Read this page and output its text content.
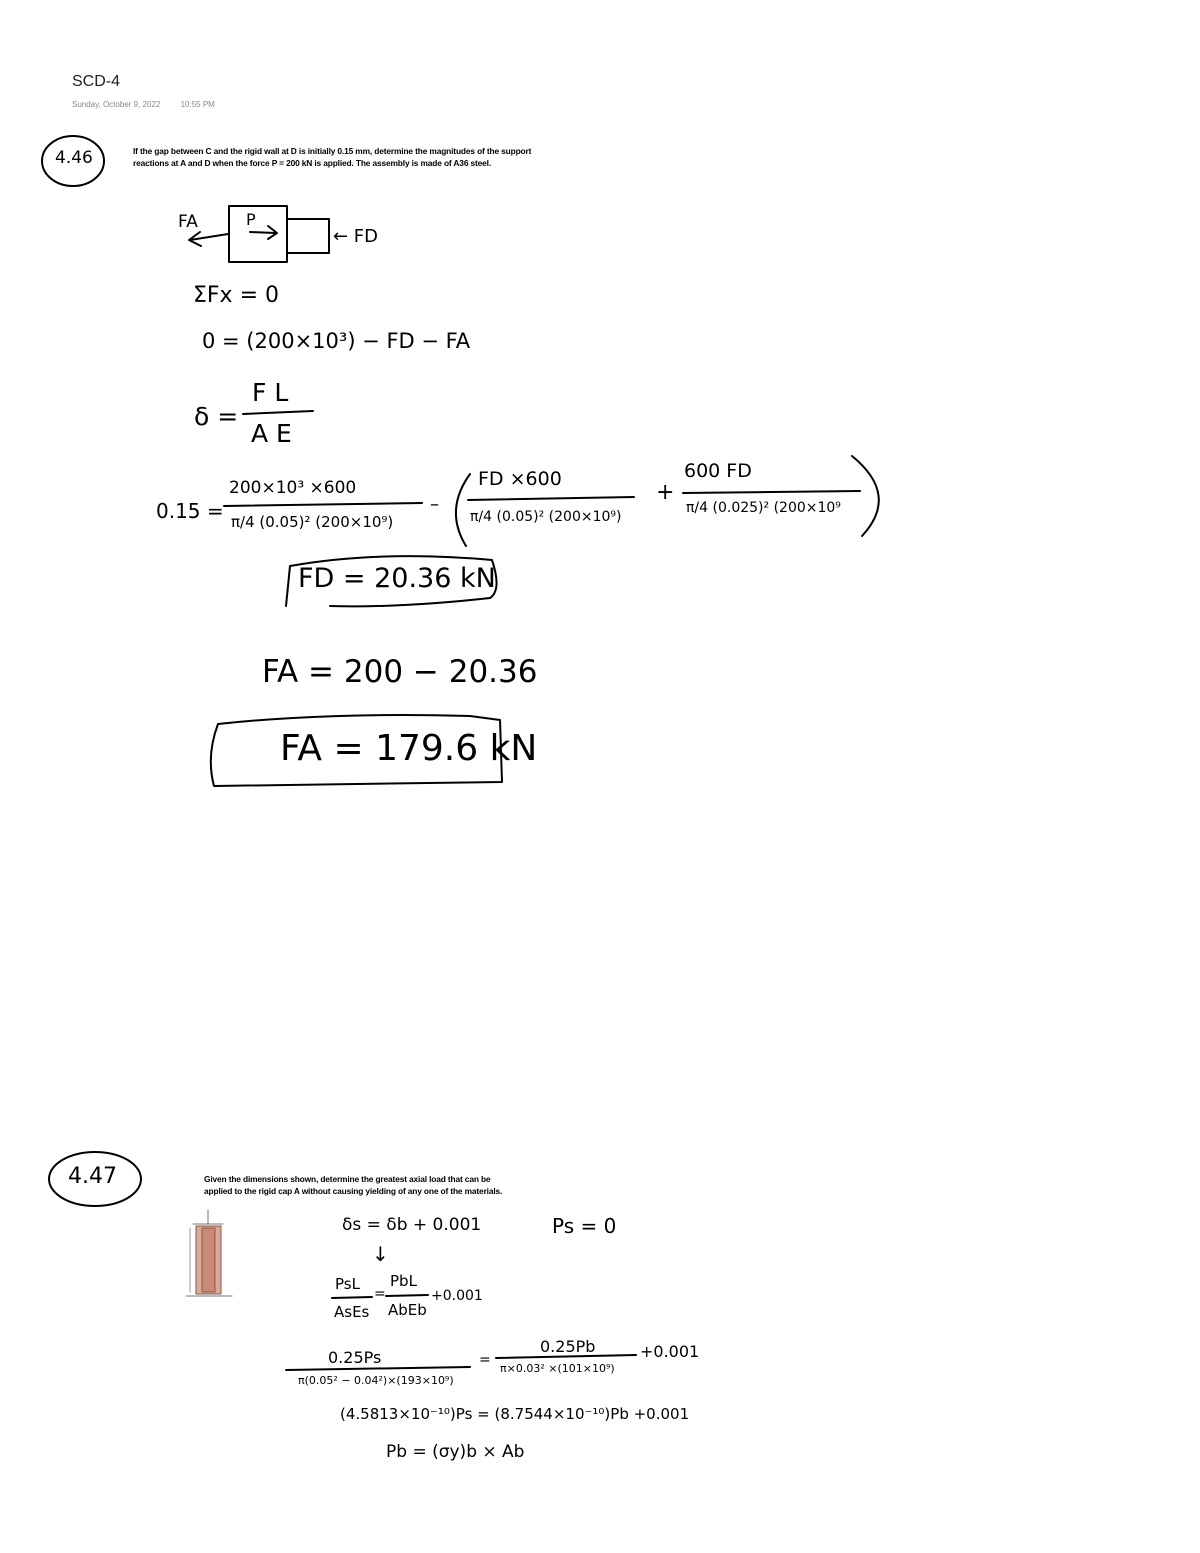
SCD-4
Sunday, October 9, 2022	10:55 PM
4.46	If the gap between C and the rigid wall at D is initially 0.15 mm, determine the magnitudes of the support
reactions at A and D when the force P = 200 kN is applied. The assembly is made of A36 steel.
FA	P
← FD
ΣFx = 0
0 = (200×10³) − FD − FA
δ =
F L
A E
0.15 =
200×10³ ×600
π/4 (0.05)² (200×10⁹)
–
FD ×600
π/4 (0.05)² (200×10⁹)
+
600 FD
π/4 (0.025)² (200×10⁹
FD = 20.36 kN
FA = 200 − 20.36
FA = 179.6 kN
4.47	Given the dimensions shown, determine the greatest axial load that can be
applied to the rigid cap A without causing yielding of any one of the materials.
δs = δb + 0.001	Ps = 0
↓
PsL
AsEs
=
PbL
AbEb
+0.001
0.25Ps
π(0.05² − 0.04²)×(193×10⁹)
=
0.25Pb
π×0.03² ×(101×10⁹)
+0.001
(4.5813×10⁻¹⁰)Ps = (8.7544×10⁻¹⁰)Pb +0.001
Pb = (σy)b × Ab
